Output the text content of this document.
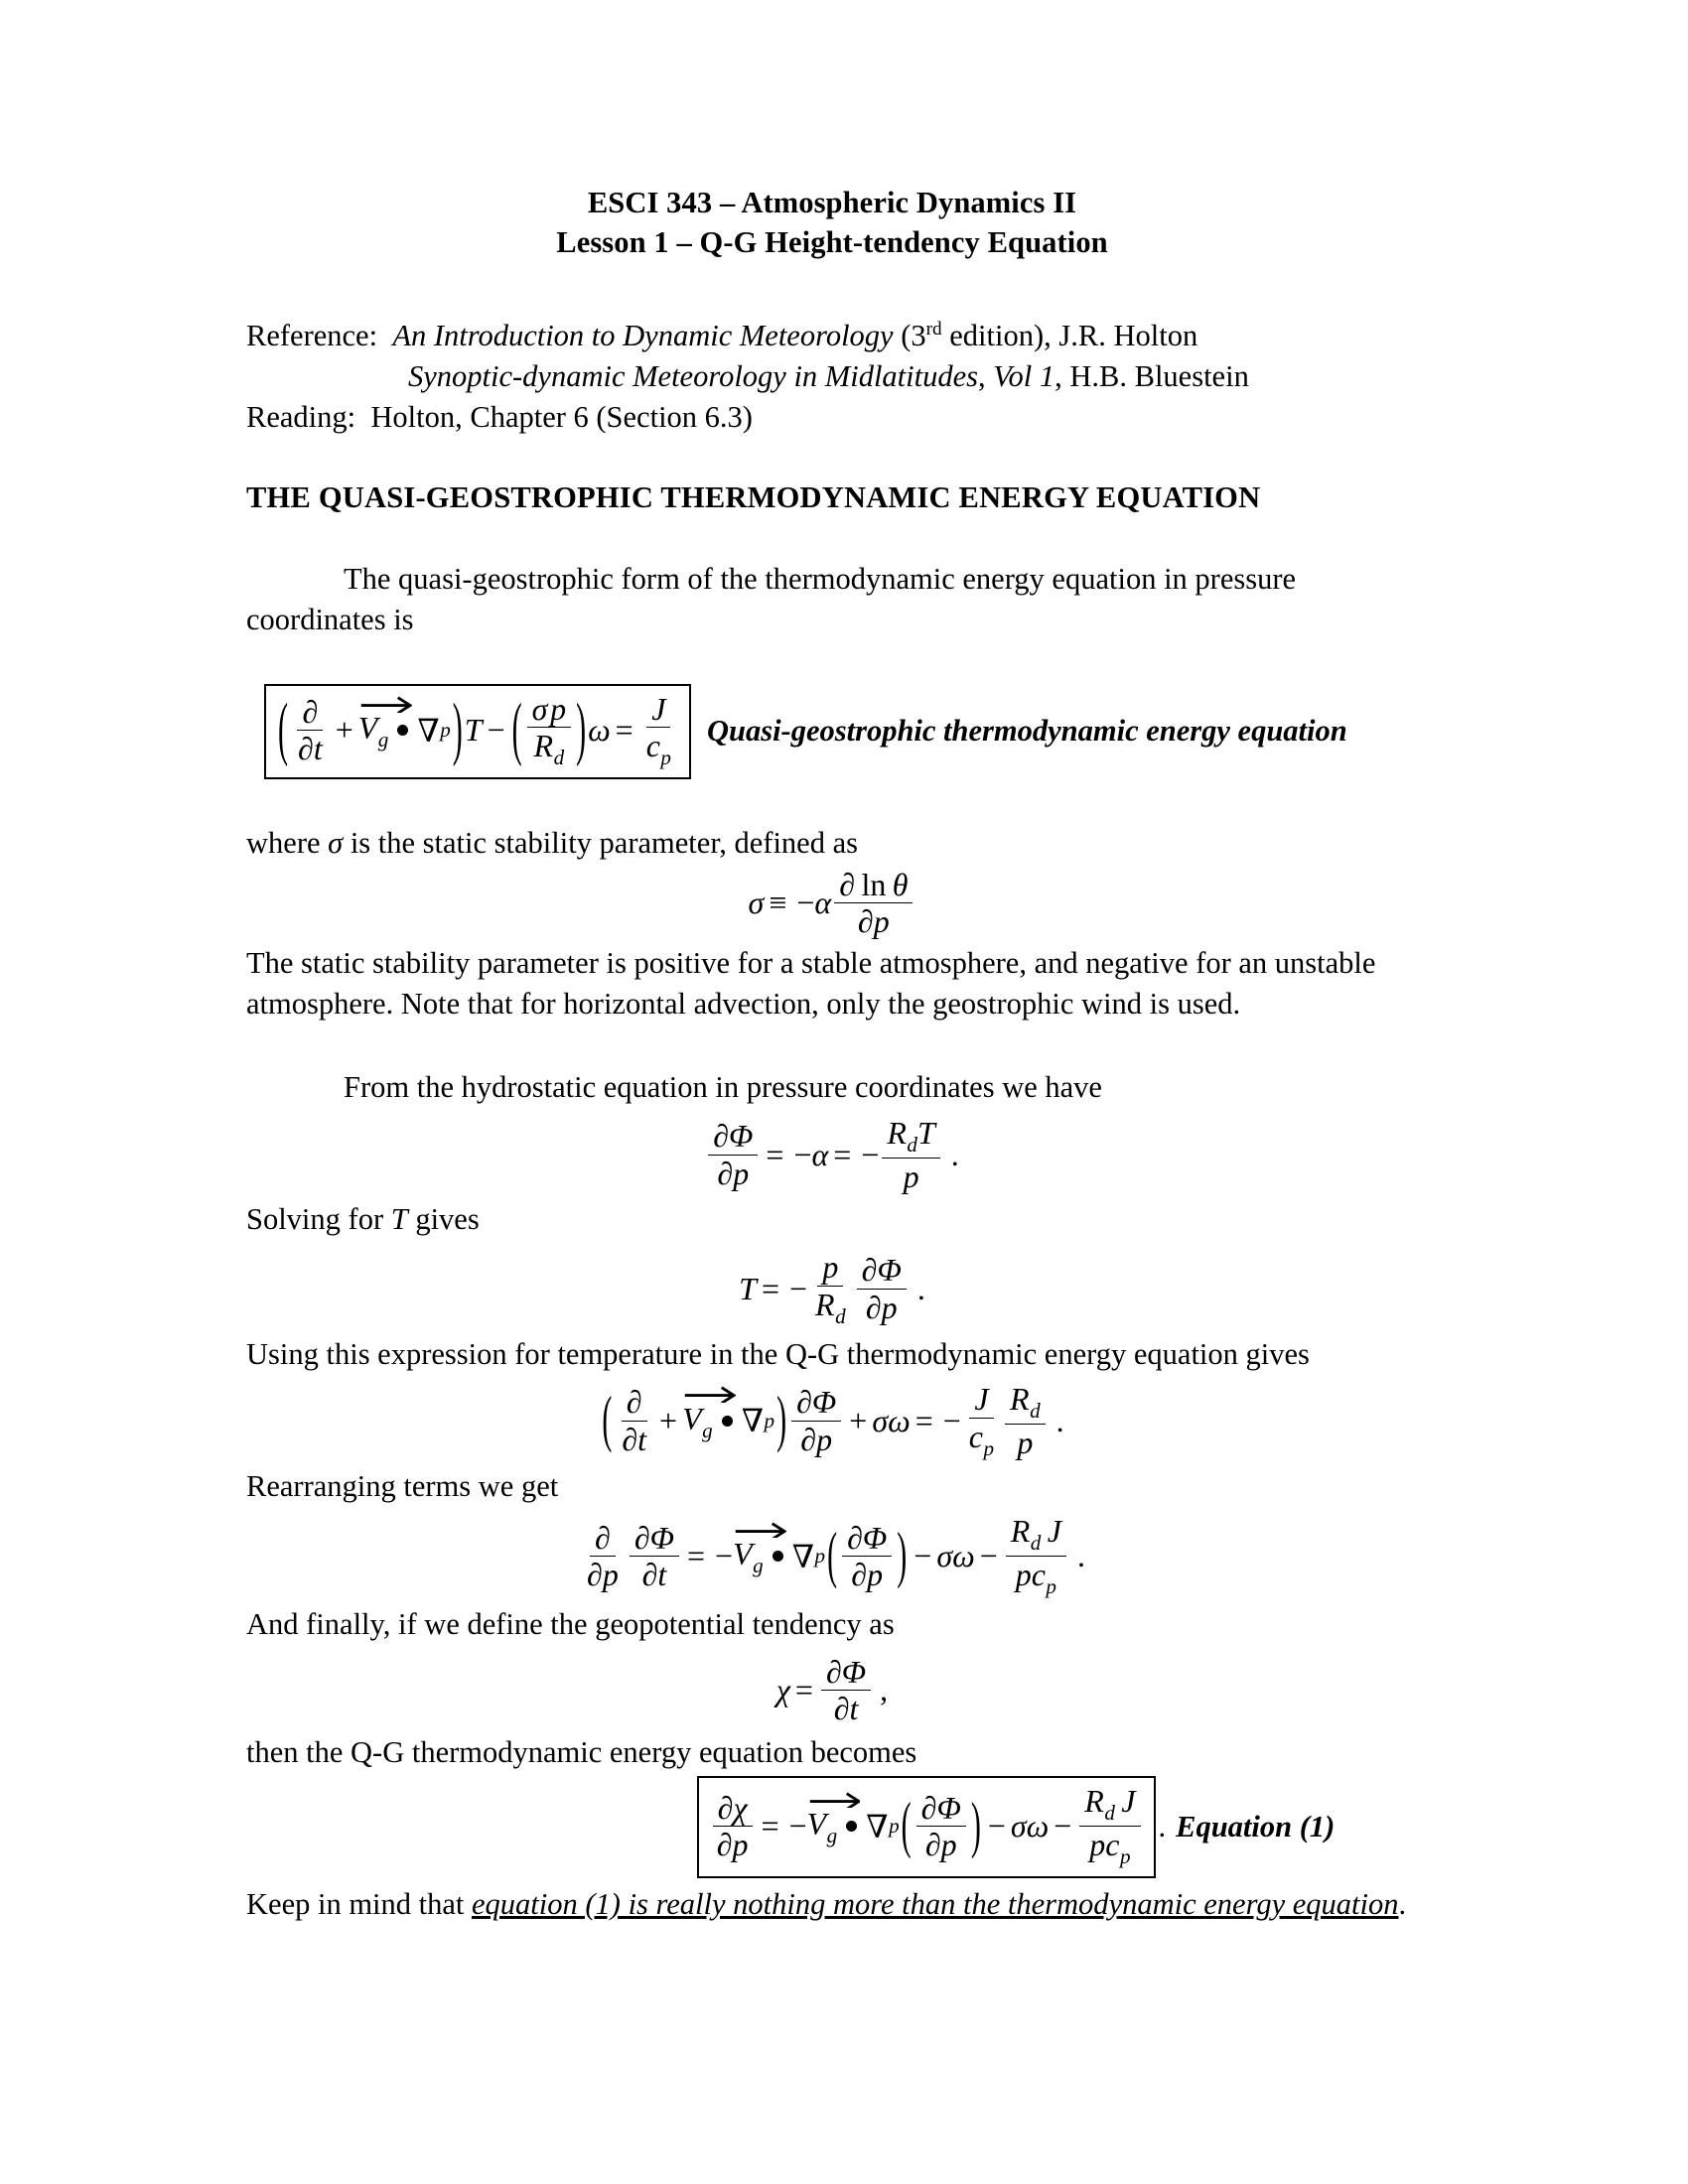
ESCI 343 – Atmospheric Dynamics II
Lesson 1 – Q-G Height-tendency Equation
Reference: An Introduction to Dynamic Meteorology (3rd edition), J.R. Holton
Synoptic-dynamic Meteorology in Midlatitudes, Vol 1, H.B. Bluestein
Reading: Holton, Chapter 6 (Section 6.3)
THE QUASI-GEOSTROPHIC THERMODYNAMIC ENERGY EQUATION

The quasi-geostrophic form of the thermodynamic energy equation in pressure coordinates is

( $\frac{\partial}{\partial t} + V_g$ ∇ p ) T − ( $\frac{\text{σ p}}{R_d}$ ) $\omega = \frac{J}{c_p}$ Quasi-geostrophic thermodynamic energy equation

where σ is the static stability parameter, defined as

σ ≡ − α $\frac{\text{∂ ln θ}}{\partial p}$

The static stability parameter is positive for a stable atmosphere, and negative for an unstable atmosphere. Note that for horizontal advection, only the geostrophic wind is used.

From the hydrostatic equation in pressure coordinates we have

$\frac{\partial\Phi}{\partial p}$ = − α = − $\frac{R_dT}{p}$ .

Solving for T gives

T = − $\frac{p}{R_d} \frac{\partial\Phi}{\partial p}$ .

Using this expression for temperature in the Q-G thermodynamic energy equation gives

( $\frac{\partial}{\partial t} + V_g$ ∇ p ) $\frac{\partial\Phi}{\partial p} + \sigma\omega$ = − $\frac{J}{c_p} \frac{R_d}{p}$ .

Rearranging terms we get

$\frac{\partial}{\partial p} \frac{\partial\Phi}{\partial t}$ = − $V_g$ ∇ p ( $\frac{\partial\Phi}{\partial p}$ ) − $\sigma\omega - \frac{R_d J}{pc_p}$ .

And finally, if we define the geopotential tendency as

$\chi = \frac{\partial\Phi}{\partial t}$ ,

then the Q-G thermodynamic energy equation becomes

$\frac{\partial\chi}{\partial p}$ = − $V_g$ ∇ p ( $\frac{\partial\Phi}{\partial p}$ ) − $\sigma\omega - \frac{R_d J}{pc_p}$ . Equation (1)

Keep in mind that equation (1) is really nothing more than the thermodynamic energy equation.
